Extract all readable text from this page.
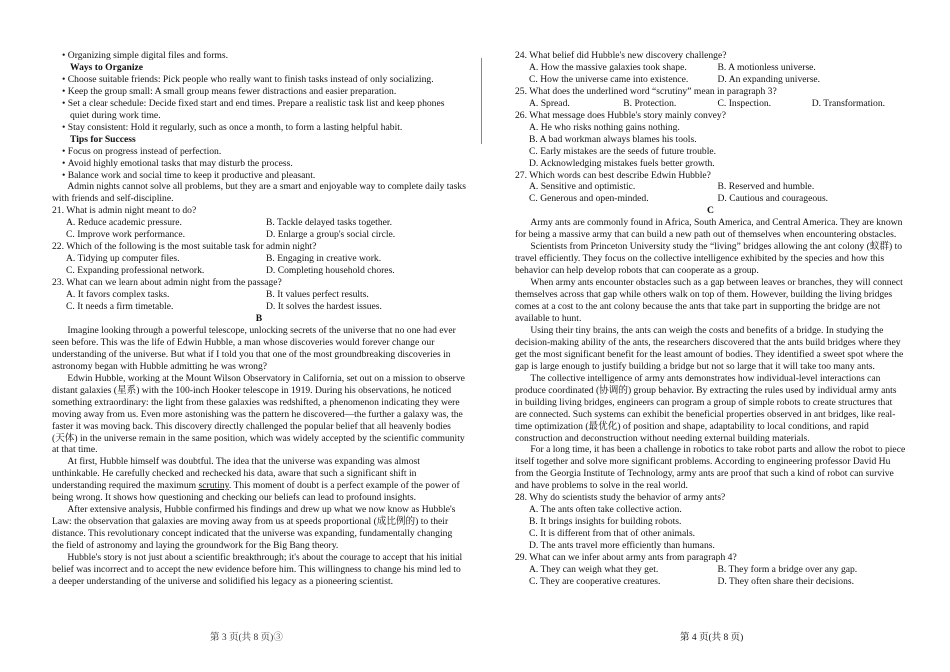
• Organizing simple digital files and forms.

Ways to Organize

• Choose suitable friends: Pick people who really want to finish tasks instead of only socializing.

• Keep the group small: A small group means fewer distractions and easier preparation.

• Set a clear schedule: Decide fixed start and end times. Prepare a realistic task list and keep phones quiet during work time.

• Stay consistent: Hold it regularly, such as once a month, to form a lasting helpful habit.

Tips for Success

• Focus on progress instead of perfection.

• Avoid highly emotional tasks that may disturb the process.

• Balance work and social time to keep it productive and pleasant.

Admin nights cannot solve all problems, but they are a smart and enjoyable way to complete daily tasks with friends and self-discipline.

21. What is admin night meant to do?

A. Reduce academic pressure.	B. Tackle delayed tasks together.
C. Improve work performance.	D. Enlarge a group's social circle.

22. Which of the following is the most suitable task for admin night?

A. Tidying up computer files.	B. Engaging in creative work.
C. Expanding professional network.	D. Completing household chores.

23. What can we learn about admin night from the passage?

A. It favors complex tasks.	B. It values perfect results.
C. It needs a firm timetable.	D. It solves the hardest issues.

B

Imagine looking through a powerful telescope, unlocking secrets of the universe that no one had ever seen before. This was the life of Edwin Hubble, a man whose discoveries would forever change our understanding of the universe. But what if I told you that one of the most groundbreaking discoveries in astronomy began with Hubble admitting he was wrong?

Edwin Hubble, working at the Mount Wilson Observatory in California, set out on a mission to observe distant galaxies (星系) with the 100-inch Hooker telescope in 1919. During his observations, he noticed something extraordinary: the light from these galaxies was redshifted, a phenomenon indicating they were moving away from us. Even more astonishing was the pattern he discovered—the further a galaxy was, the faster it was moving back. This discovery directly challenged the popular belief that all heavenly bodies (天体) in the universe remain in the same position, which was widely accepted by the scientific community at that time.

At first, Hubble himself was doubtful. The idea that the universe was expanding was almost unthinkable. He carefully checked and rechecked his data, aware that such a significant shift in understanding required the maximum scrutiny. This moment of doubt is a perfect example of the power of being wrong. It shows how questioning and checking our beliefs can lead to profound insights.

After extensive analysis, Hubble confirmed his findings and drew up what we now know as Hubble's Law: the observation that galaxies are moving away from us at speeds proportional (成比例的) to their distance. This revolutionary concept indicated that the universe was expanding, fundamentally changing the field of astronomy and laying the groundwork for the Big Bang theory.

Hubble's story is not just about a scientific breakthrough; it's about the courage to accept that his initial belief was incorrect and to accept the new evidence before him. This willingness to change his mind led to a deeper understanding of the universe and solidified his legacy as a pioneering scientist.

24. What belief did Hubble's new discovery challenge?

A. How the massive galaxies took shape.	B. A motionless universe.
C. How the universe came into existence.	D. An expanding universe.

25. What does the underlined word “scrutiny” mean in paragraph 3?

A. Spread.	B. Protection.	C. Inspection.	D. Transformation.

26. What message does Hubble's story mainly convey?

A. He who risks nothing gains nothing.

B. A bad workman always blames his tools.

C. Early mistakes are the seeds of future trouble.

D. Acknowledging mistakes fuels better growth.

27. Which words can best describe Edwin Hubble?

A. Sensitive and optimistic.	B. Reserved and humble.
C. Generous and open-minded.	D. Cautious and courageous.

C

Army ants are commonly found in Africa, South America, and Central America. They are known for being a massive army that can build a new path out of themselves when encountering obstacles.

Scientists from Princeton University study the “living” bridges allowing the ant colony (蚁群) to travel efficiently. They focus on the collective intelligence exhibited by the species and how this behavior can help develop robots that can cooperate as a group.

When army ants encounter obstacles such as a gap between leaves or branches, they will connect themselves across that gap while others walk on top of them. However, building the living bridges comes at a cost to the ant colony because the ants that take part in supporting the bridge are not available to hunt.

Using their tiny brains, the ants can weigh the costs and benefits of a bridge. In studying the decision-making ability of the ants, the researchers discovered that the ants build bridges where they get the most significant benefit for the least amount of bodies. They identified a sweet spot where the gap is large enough to justify building a bridge but not so large that it will take too many ants.

The collective intelligence of army ants demonstrates how individual-level interactions can produce coordinated (协调的) group behavior. By extracting the rules used by individual army ants in building living bridges, engineers can program a group of simple robots to create structures that are connected. Such systems can exhibit the beneficial properties observed in ant bridges, like real-time optimization (最优化) of position and shape, adaptability to local conditions, and rapid construction and deconstruction without needing external building materials.

For a long time, it has been a challenge in robotics to take robot parts and allow the robot to piece itself together and solve more significant problems. According to engineering professor David Hu from the Georgia Institute of Technology, army ants are proof that such a kind of robot can survive and have problems to solve in the real world.

28. Why do scientists study the behavior of army ants?

A. The ants often take collective action.

B. It brings insights for building robots.

C. It is different from that of other animals.

D. The ants travel more efficiently than humans.

29. What can we infer about army ants from paragraph 4?

A. They can weigh what they get.	B. They form a bridge over any gap.
C. They are cooperative creatures.	D. They often share their decisions.
第 3 页(共 8 页)③	第 4 页(共 8 页)
